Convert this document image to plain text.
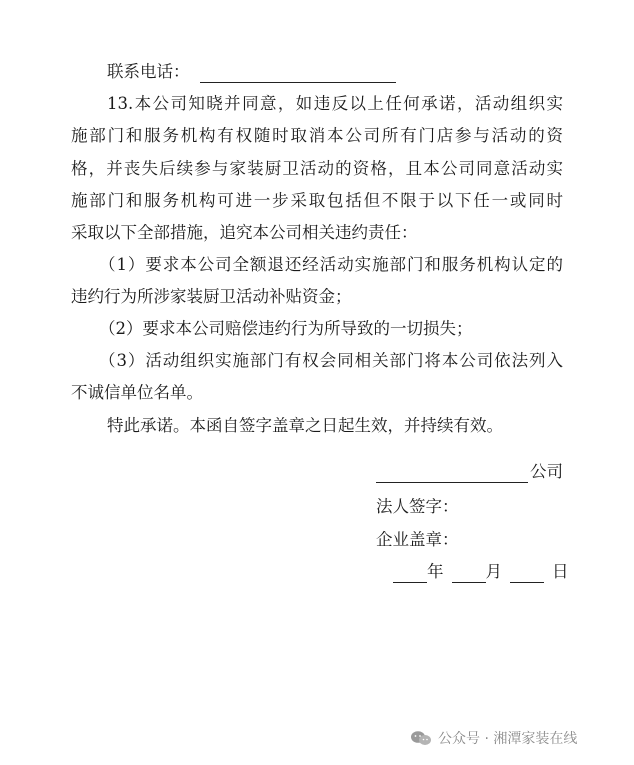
联系电话：
13.本公司知晓并同意，如违反以上任何承诺，活动组织实
施部门和服务机构有权随时取消本公司所有门店参与活动的资
格，并丧失后续参与家装厨卫活动的资格，且本公司同意活动实
施部门和服务机构可进一步采取包括但不限于以下任一或同时
采取以下全部措施，追究本公司相关违约责任：
（1）要求本公司全额退还经活动实施部门和服务机构认定的
违约行为所涉家装厨卫活动补贴资金；
（2）要求本公司赔偿违约行为所导致的一切损失；
（3）活动组织实施部门有权会同相关部门将本公司依法列入
不诚信单位名单。
特此承诺。本函自签字盖章之日起生效，并持续有效。
公司
法人签字：
企业盖章：
年	月	日
公众号 · 湘潭家装在线
